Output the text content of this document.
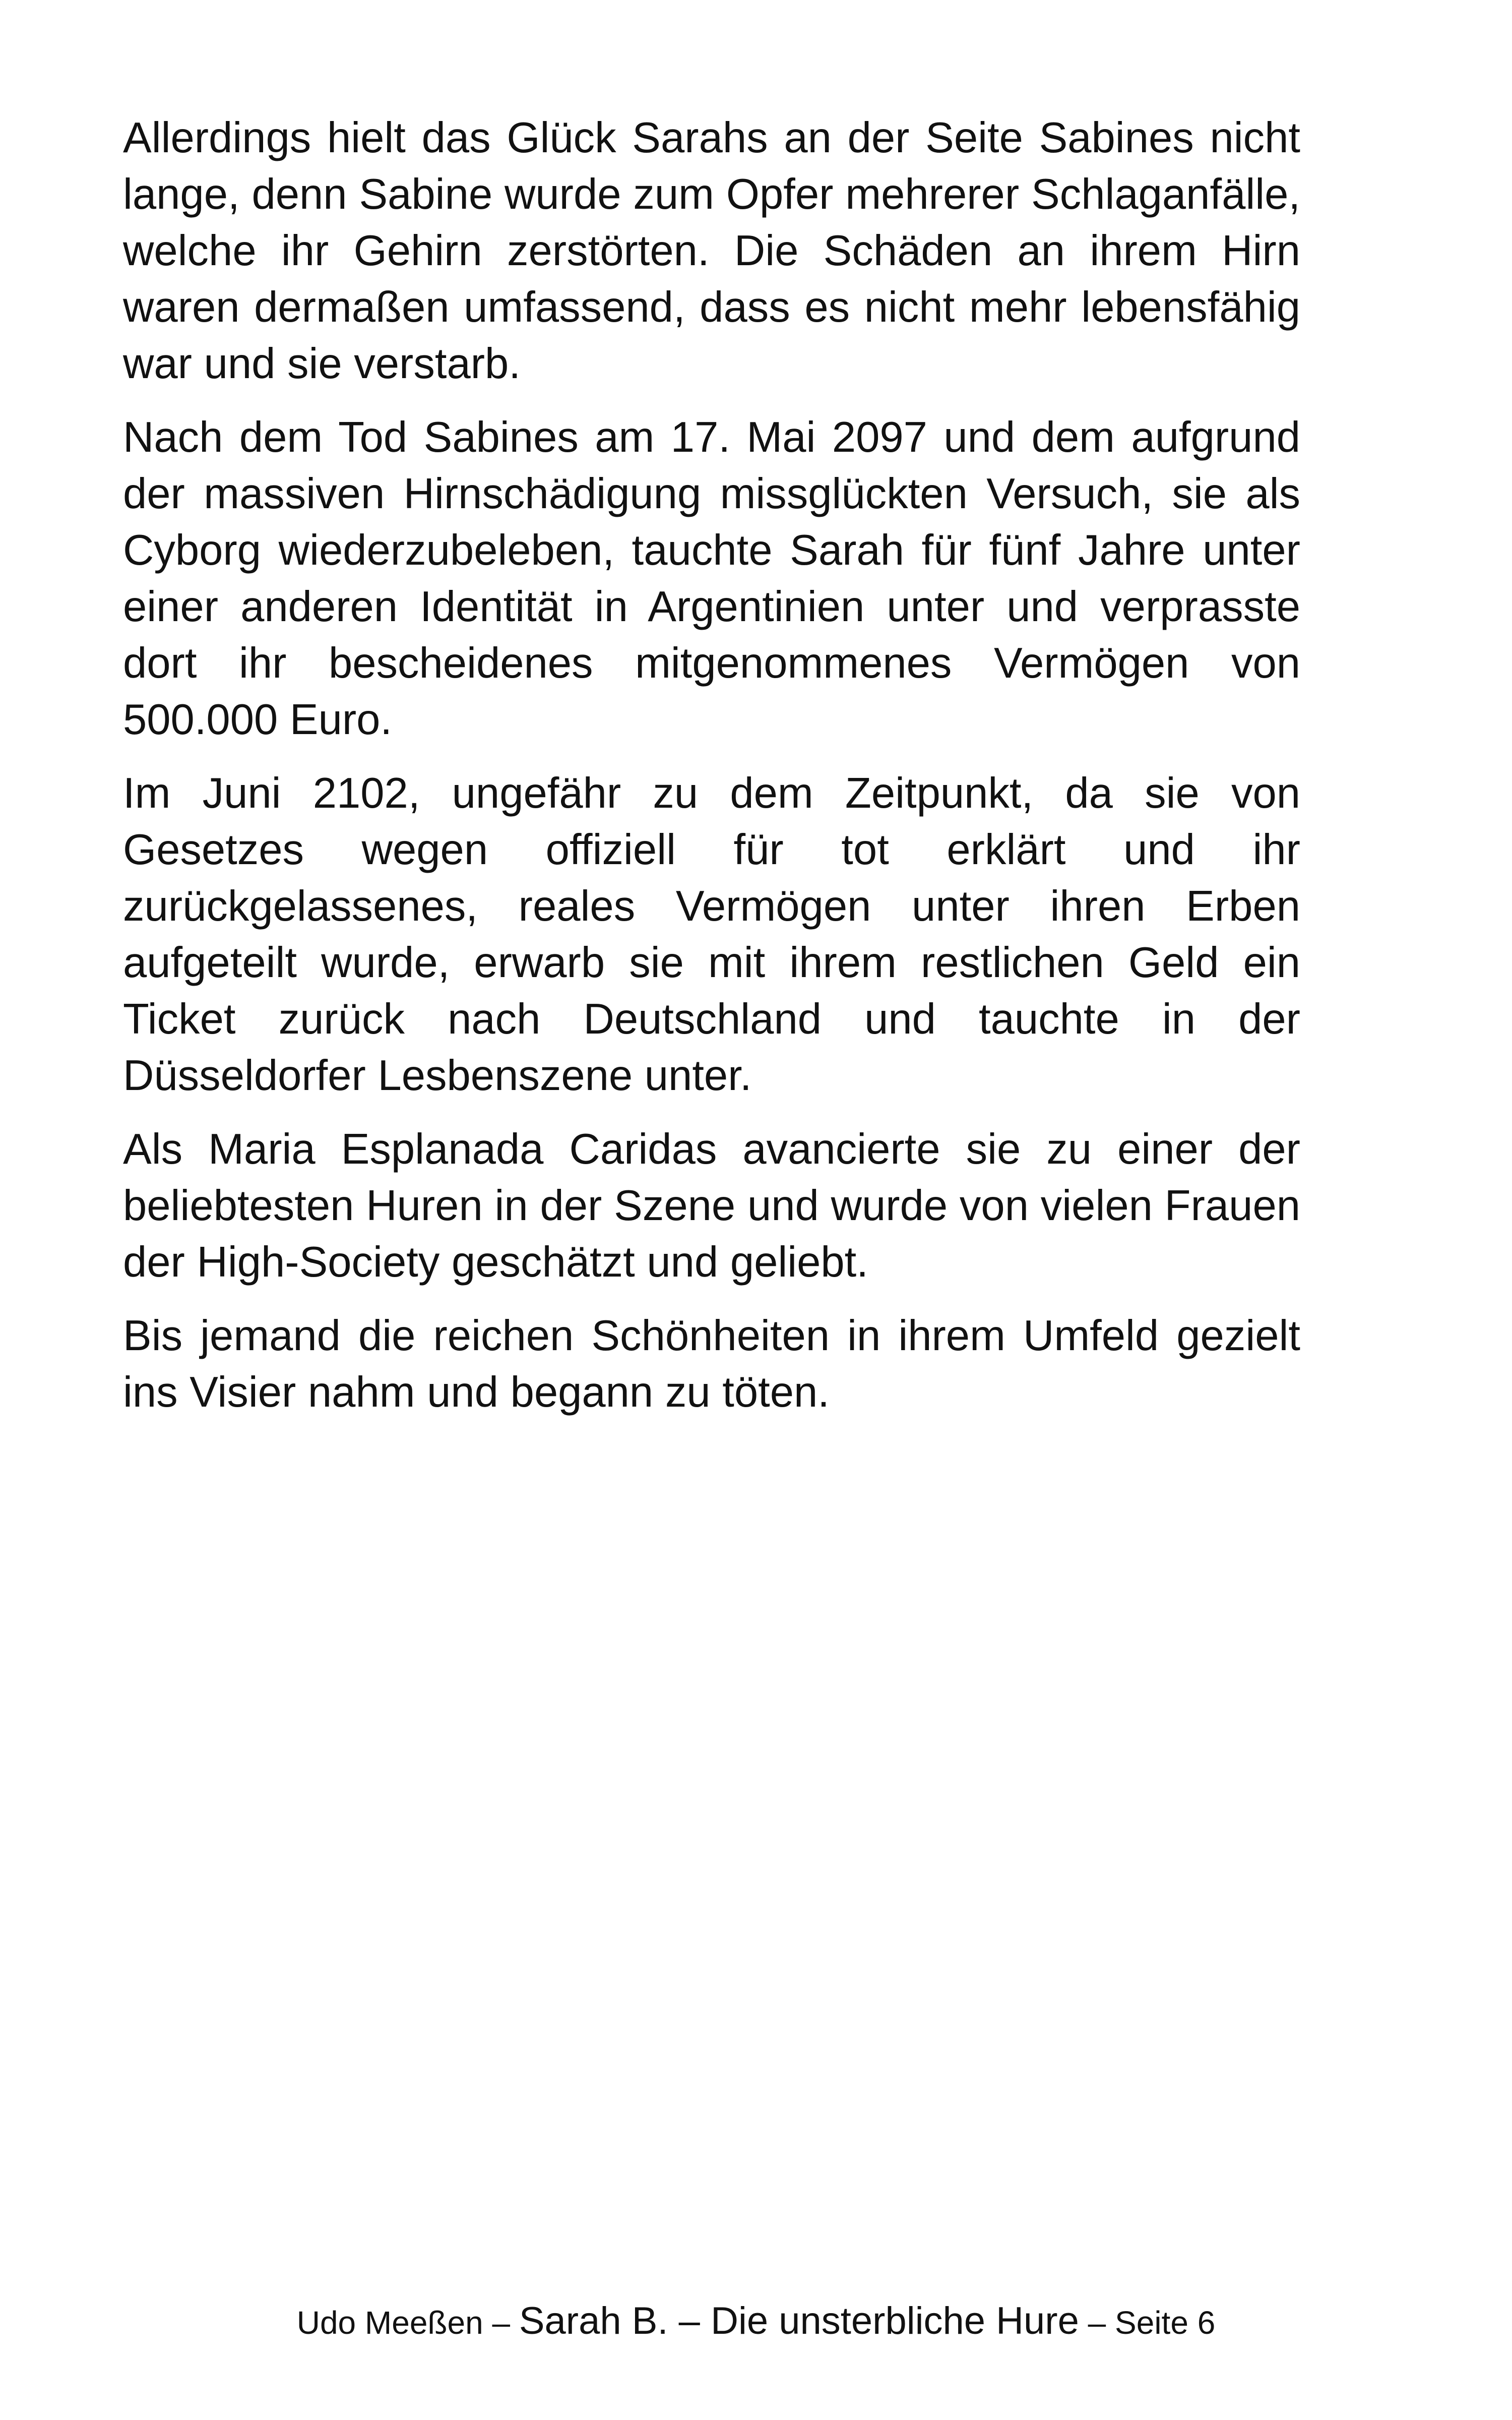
Allerdings hielt das Glück Sarahs an der Seite Sabines nicht lange, denn Sabine wurde zum Opfer mehrerer Schlaganfälle, welche ihr Gehirn zerstörten. Die Schäden an ihrem Hirn waren dermaßen umfassend, dass es nicht mehr lebensfähig war und sie verstarb.

Nach dem Tod Sabines am 17. Mai 2097 und dem aufgrund der massiven Hirnschädigung missglückten Versuch, sie als Cyborg wiederzubeleben, tauchte Sarah für fünf Jahre unter einer anderen Identität in Argentinien unter und verprasste dort ihr bescheidenes mitgenommenes Vermögen von 500.000 Euro.

Im Juni 2102, ungefähr zu dem Zeitpunkt, da sie von Gesetzes wegen offiziell für tot erklärt und ihr zurückgelassenes, reales Vermögen unter ihren Erben aufgeteilt wurde, erwarb sie mit ihrem restlichen Geld ein Ticket zurück nach Deutschland und tauchte in der Düsseldorfer Lesbenszene unter.

Als Maria Esplanada Caridas avancierte sie zu einer der beliebtesten Huren in der Szene und wurde von vielen Frauen der High-Society geschätzt und geliebt.

Bis jemand die reichen Schönheiten in ihrem Umfeld gezielt ins Visier nahm und begann zu töten.

Udo Meeßen – Sarah B. – Die unsterbliche Hure – Seite 6
